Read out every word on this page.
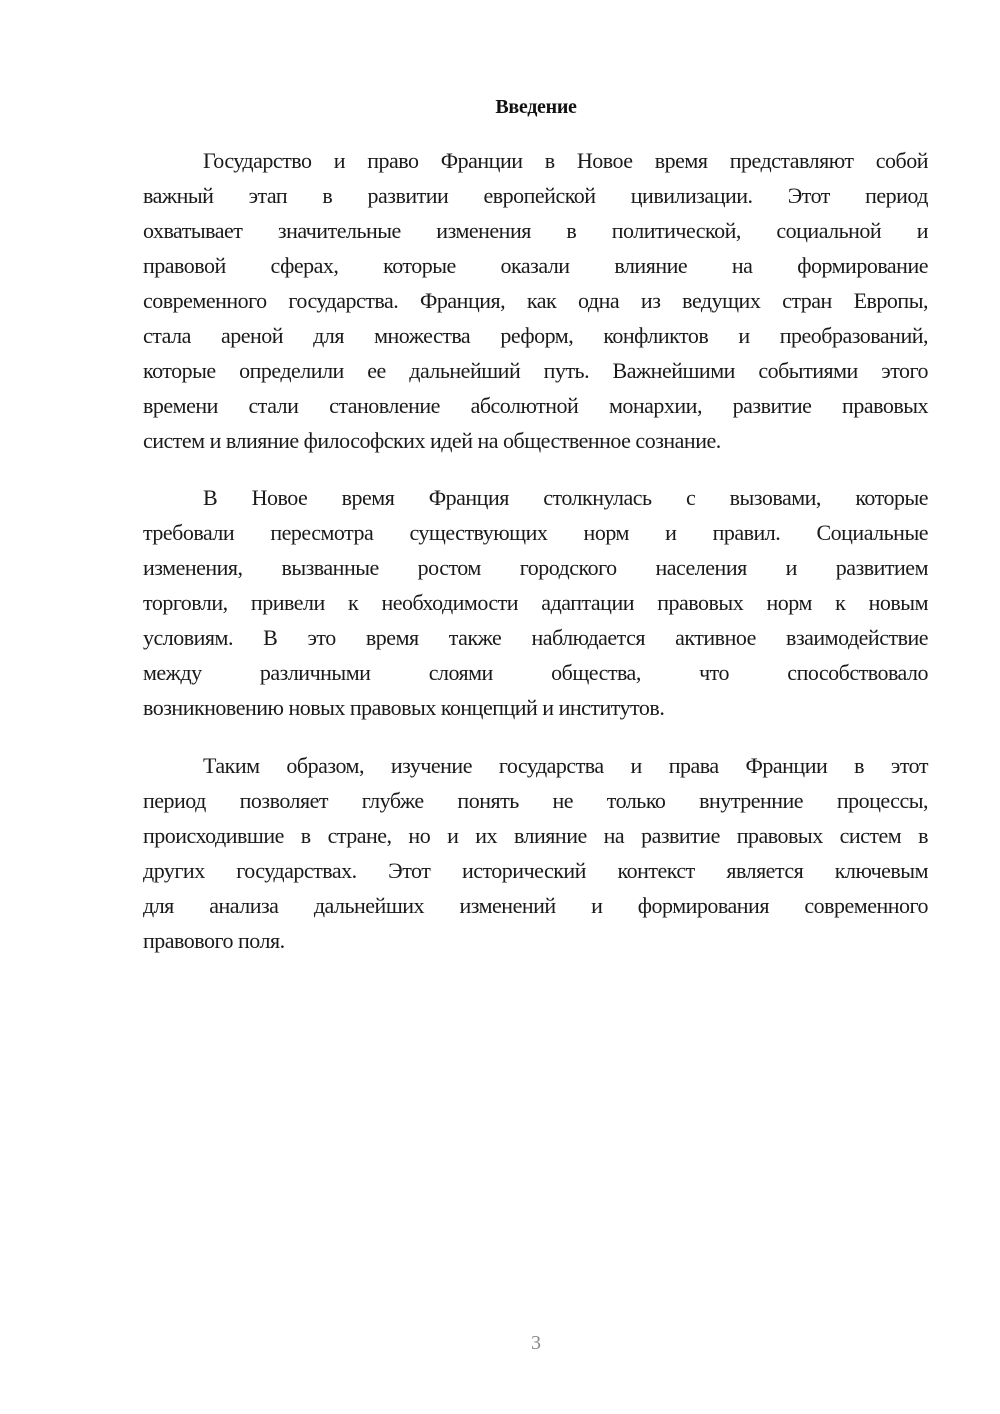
Введение
Государство и право Франции в Новое время представляют собой
важный этап в развитии европейской цивилизации. Этот период
охватывает значительные изменения в политической, социальной и
правовой сферах, которые оказали влияние на формирование
современного государства. Франция, как одна из ведущих стран Европы,
стала ареной для множества реформ, конфликтов и преобразований,
которые определили ее дальнейший путь. Важнейшими событиями этого
времени стали становление абсолютной монархии, развитие правовых
систем и влияние философских идей на общественное сознание.
В Новое время Франция столкнулась с вызовами, которые
требовали пересмотра существующих норм и правил. Социальные
изменения, вызванные ростом городского населения и развитием
торговли, привели к необходимости адаптации правовых норм к новым
условиям. В это время также наблюдается активное взаимодействие
между различными слоями общества, что способствовало
возникновению новых правовых концепций и институтов.
Таким образом, изучение государства и права Франции в этот
период позволяет глубже понять не только внутренние процессы,
происходившие в стране, но и их влияние на развитие правовых систем в
других государствах. Этот исторический контекст является ключевым
для анализа дальнейших изменений и формирования современного
правового поля.
3
